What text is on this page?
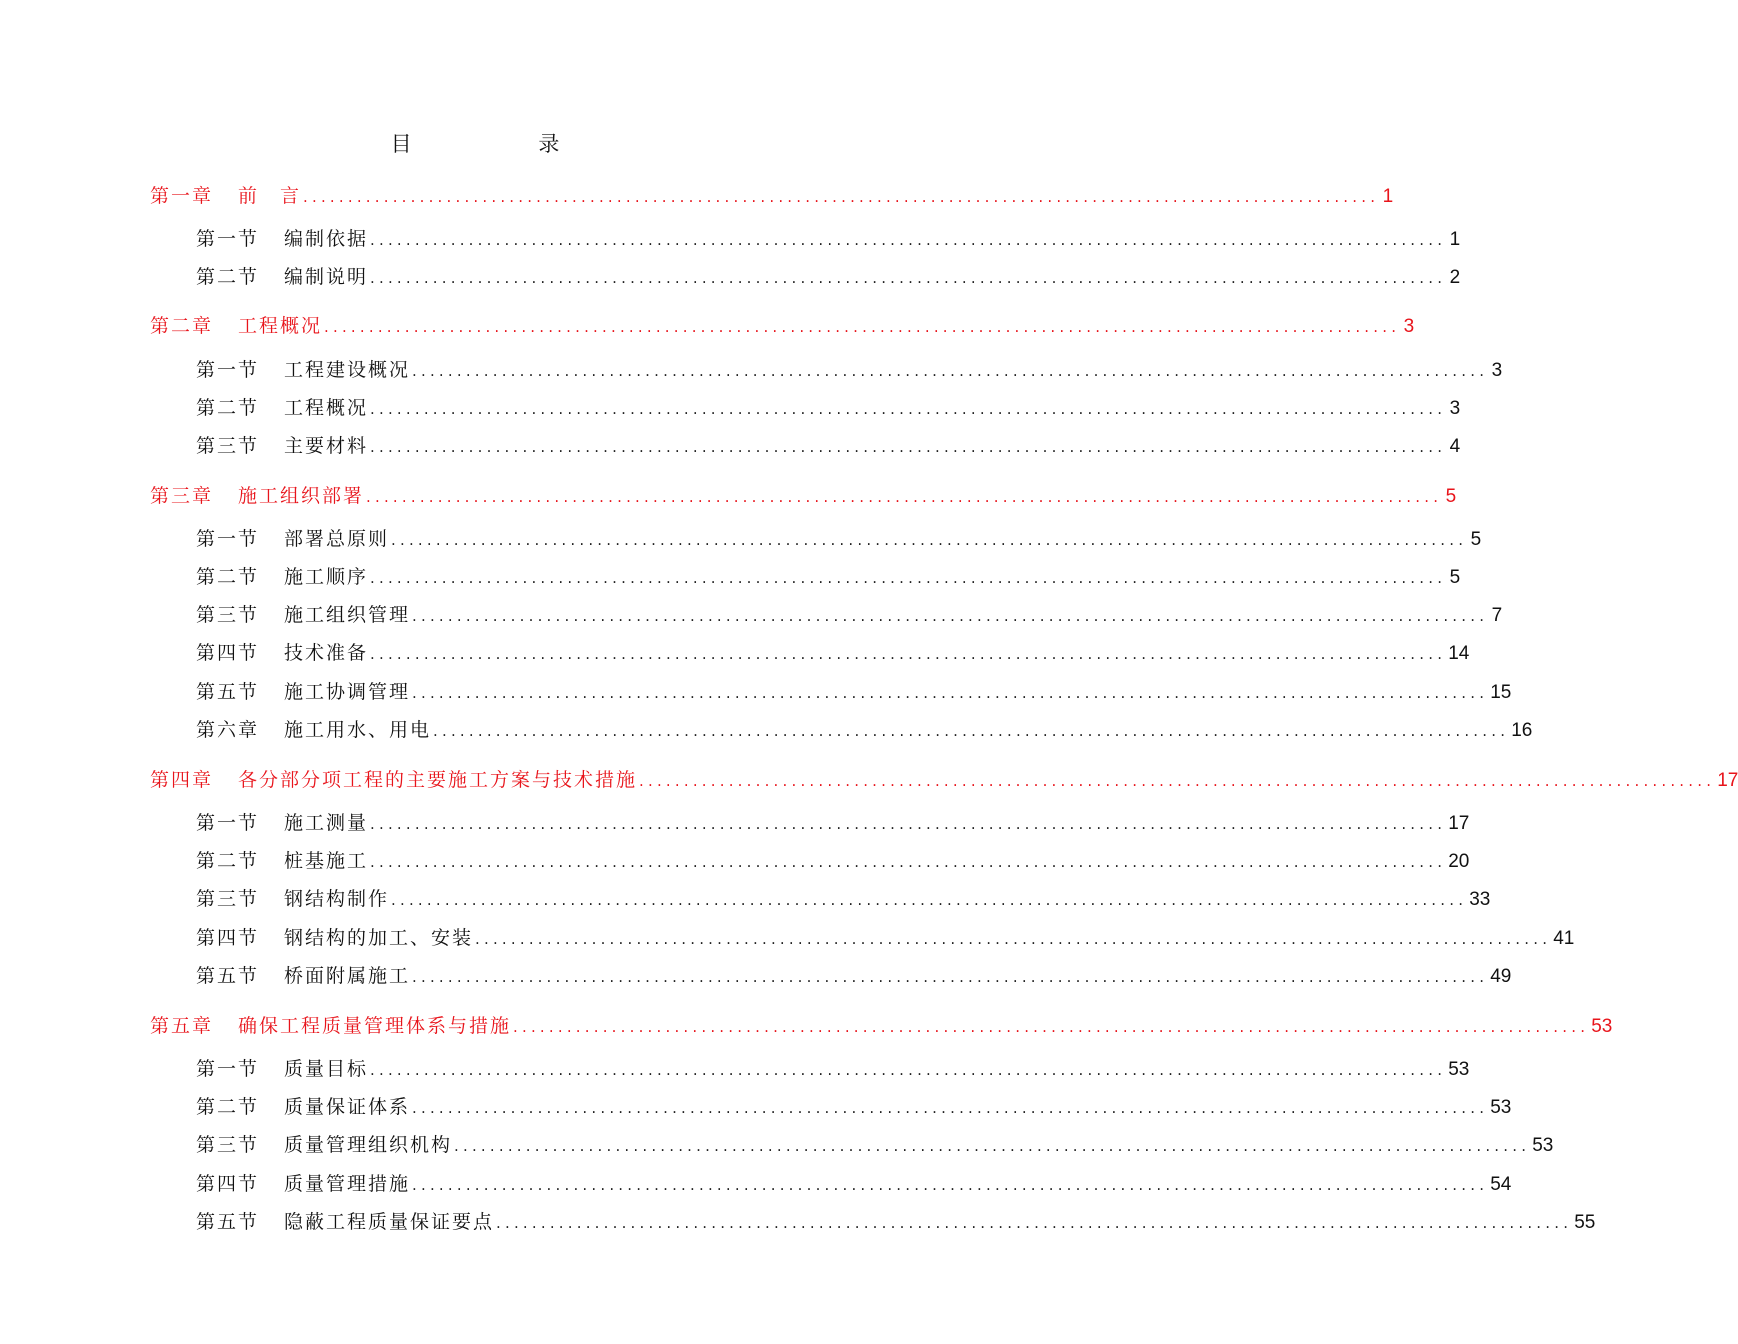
目 录
第一章	前　言 ........................................................................................................................ 1
第一节	编制依据 ........................................................................................................................ 1
第二节	编制说明 ........................................................................................................................ 2
第二章	工程概况 ........................................................................................................................ 3
第一节	工程建设概况 ........................................................................................................................ 3
第二节	工程概况 ........................................................................................................................ 3
第三节	主要材料 ........................................................................................................................ 4
第三章	施工组织部署 ........................................................................................................................ 5
第一节	部署总原则 ........................................................................................................................ 5
第二节	施工顺序 ........................................................................................................................ 5
第三节	施工组织管理 ........................................................................................................................ 7
第四节	技术准备 ........................................................................................................................ 14
第五节	施工协调管理 ........................................................................................................................ 15
第六章	施工用水、用电 ........................................................................................................................ 16
第四章	各分部分项工程的主要施工方案与技术措施 ........................................................................................................................ 17
第一节	施工测量 ........................................................................................................................ 17
第二节	桩基施工 ........................................................................................................................ 20
第三节	钢结构制作 ........................................................................................................................ 33
第四节	钢结构的加工、安装 ........................................................................................................................ 41
第五节	桥面附属施工 ........................................................................................................................ 49
第五章	确保工程质量管理体系与措施 ........................................................................................................................ 53
第一节	质量目标 ........................................................................................................................ 53
第二节	质量保证体系 ........................................................................................................................ 53
第三节	质量管理组织机构 ........................................................................................................................ 53
第四节	质量管理措施 ........................................................................................................................ 54
第五节	隐蔽工程质量保证要点 ........................................................................................................................ 55
